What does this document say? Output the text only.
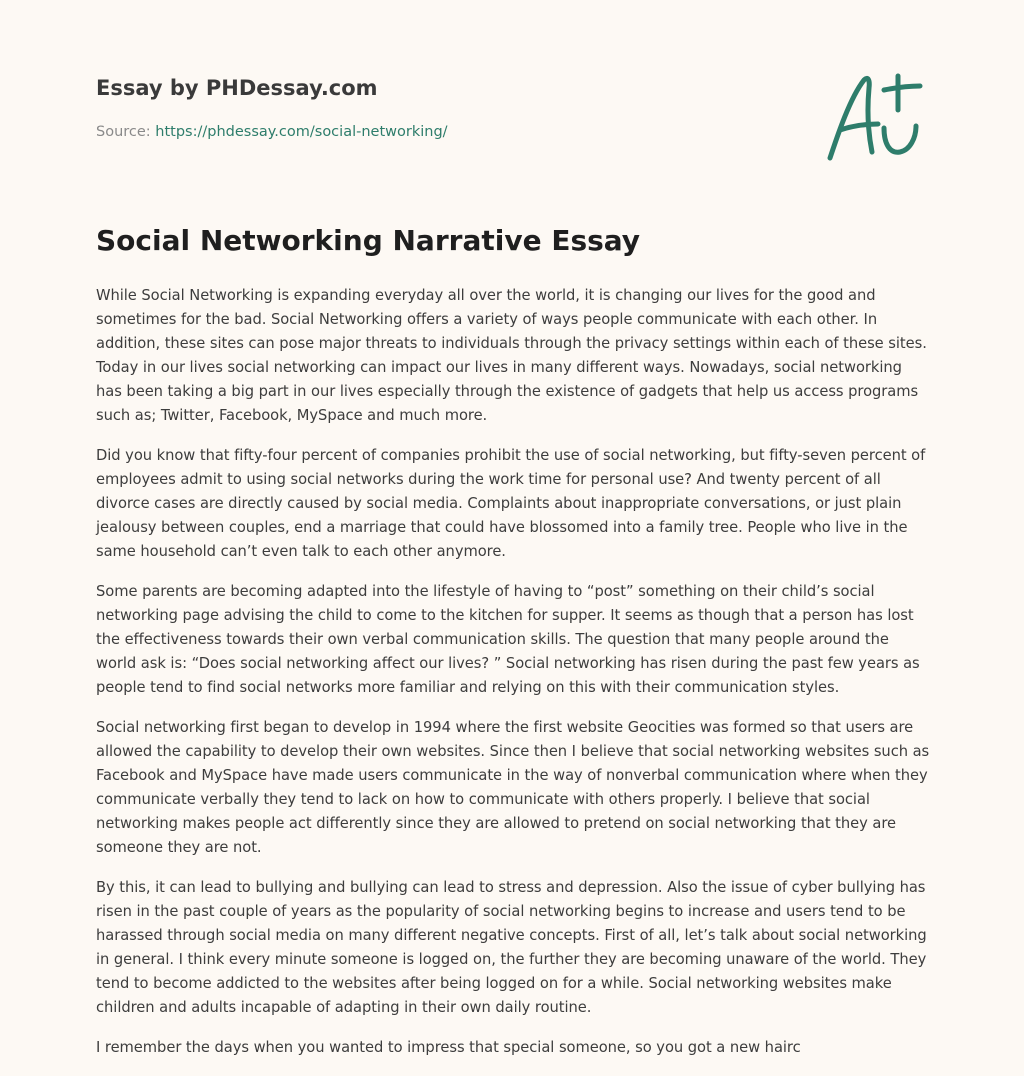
Essay by PHDessay.com

Source: https://phdessay.com/social-networking/

Social Networking Narrative Essay

While Social Networking is expanding everyday all over the world, it is changing our lives for the good and sometimes for the bad. Social Networking offers a variety of ways people communicate with each other. In addition, these sites can pose major threats to individuals through the privacy settings within each of these sites. Today in our lives social networking can impact our lives in many different ways. Nowadays, social networking has been taking a big part in our lives especially through the existence of gadgets that help us access programs such as; Twitter, Facebook, MySpace and much more.

Did you know that fifty-four percent of companies prohibit the use of social networking, but fifty-seven percent of employees admit to using social networks during the work time for personal use? And twenty percent of all divorce cases are directly caused by social media. Complaints about inappropriate conversations, or just plain jealousy between couples, end a marriage that could have blossomed into a family tree. People who live in the same household can’t even talk to each other anymore.

Some parents are becoming adapted into the lifestyle of having to “post” something on their child’s social networking page advising the child to come to the kitchen for supper. It seems as though that a person has lost the effectiveness towards their own verbal communication skills. The question that many people around the world ask is: “Does social networking affect our lives? ” Social networking has risen during the past few years as people tend to find social networks more familiar and relying on this with their communication styles.

Social networking first began to develop in 1994 where the first website Geocities was formed so that users are allowed the capability to develop their own websites. Since then I believe that social networking websites such as Facebook and MySpace have made users communicate in the way of nonverbal communication where when they communicate verbally they tend to lack on how to communicate with others properly. I believe that social networking makes people act differently since they are allowed to pretend on social networking that they are someone they are not.

By this, it can lead to bullying and bullying can lead to stress and depression. Also the issue of cyber bullying has risen in the past couple of years as the popularity of social networking begins to increase and users tend to be harassed through social media on many different negative concepts. First of all, let’s talk about social networking in general. I think every minute someone is logged on, the further they are becoming unaware of the world. They tend to become addicted to the websites after being logged on for a while. Social networking websites make children and adults incapable of adapting in their own daily routine.

I remember the days when you wanted to impress that special someone, so you got a new hairc
